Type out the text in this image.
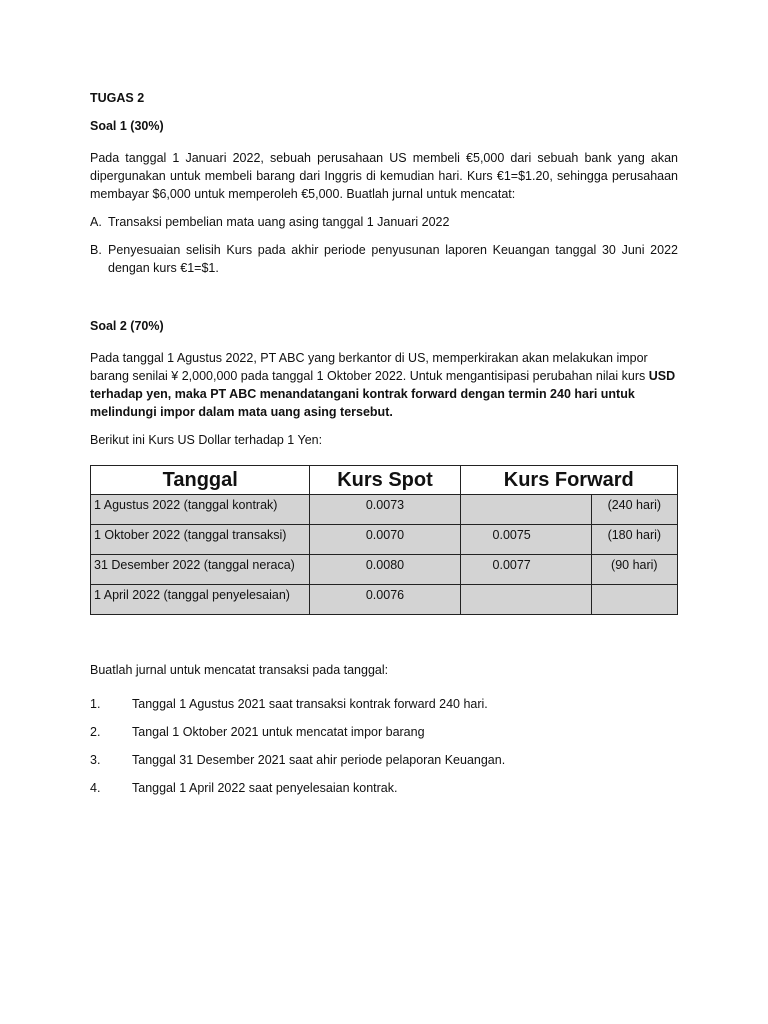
TUGAS 2
Soal 1 (30%)

Pada tanggal 1 Januari 2022, sebuah perusahaan US membeli €5,000 dari sebuah bank yang akan dipergunakan untuk membeli barang dari Inggris di kemudian hari. Kurs €1=$1.20, sehingga perusahaan membayar $6,000 untuk memperoleh €5,000. Buatlah jurnal untuk mencatat:

A. Transaksi pembelian mata uang asing tanggal 1 Januari 2022
B. Penyesuaian selisih Kurs pada akhir periode penyusunan laporen Keuangan tanggal 30 Juni 2022 dengan kurs €1=$1.
Soal 2 (70%)

Pada tanggal 1 Agustus 2022, PT ABC yang berkantor di US, memperkirakan akan melakukan impor barang senilai ¥ 2,000,000 pada tanggal 1 Oktober 2022. Untuk mengantisipasi perubahan nilai kurs USD terhadap yen, maka PT ABC menandatangani kontrak forward dengan termin 240 hari untuk melindungi impor dalam mata uang asing tersebut.

Berikut ini Kurs US Dollar terhadap 1 Yen:

Tanggal	Kurs Spot	Kurs Forward	
1 Agustus 2022 (tanggal kontrak)	0.0073		(240 hari)
1 Oktober 2022 (tanggal transaksi)	0.0070	0.0075	(180 hari)
31 Desember 2022 (tanggal neraca)	0.0080	0.0077	(90 hari)
1 April 2022 (tanggal penyelesaian)	0.0076		

Buatlah jurnal untuk mencatat transaksi pada tanggal:

1.	Tanggal 1 Agustus 2021 saat transaksi kontrak forward 240 hari.
2.	Tangal 1 Oktober 2021 untuk mencatat impor barang
3.	Tanggal 31 Desember 2021 saat ahir periode pelaporan Keuangan.
4.	Tanggal 1 April 2022 saat penyelesaian kontrak.
